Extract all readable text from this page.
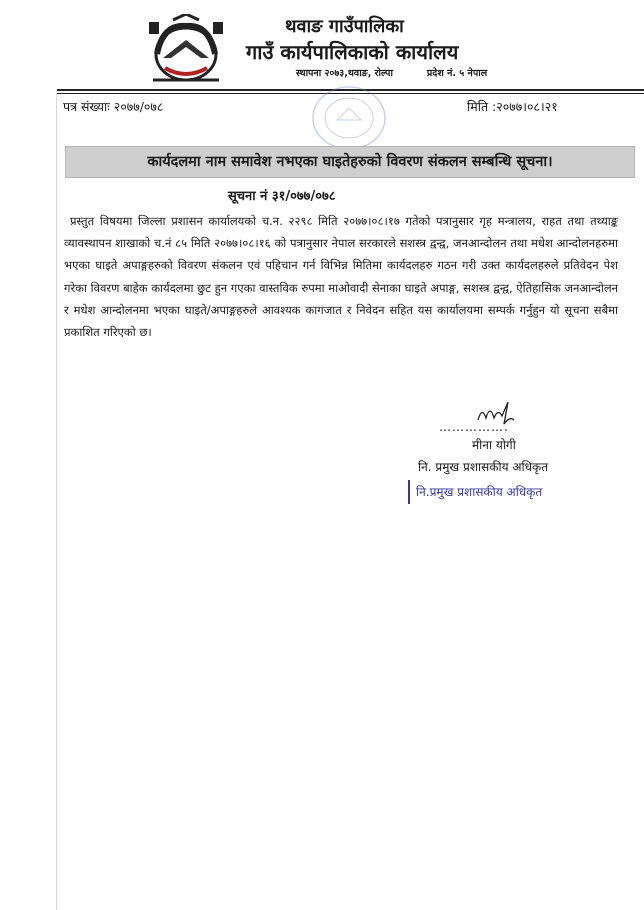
थवाङ गाउँपालिका
गाउँ कार्यपालिकाको कार्यालय
स्थापना २०७३,थवाङ, रोल्पा	प्रदेश नं. ५ नेपाल
पत्र संख्याः २०७७/०७८	मिति :२०७७।०८।२१
कार्यदलमा नाम समावेश नभएका घाइतेहरुको विवरण संकलन सम्बन्धि सूचना।
सूचना नं ३१/०७७/०७८

प्रस्तुत विषयमा जिल्ला प्रशासन कार्यालयको च.न. २२९८ मिति २०७७।०८।१७ गतेको पत्रानुसार गृह मन्त्रालय, राहत तथा तथ्याङ्क व्यावस्थापन शाखाको च.नं ८५ मिति २०७७।०८।१६ को पत्रानुसार नेपाल सरकारले सशस्त्र द्वन्द्व, जनआन्दोलन तथा मधेश आन्दोलनहरुमा भएका घाइते अपाङ्गहरुको विवरण संकलन एवं पहिचान गर्न विभिन्न मितिमा कार्यदलहरु गठन गरी उक्त कार्यदलहरुले प्रतिवेदन पेश गरेका विवरण बाहेक कार्यदलमा छुट हुन गएका वास्तविक रुपमा माओवादी सेनाका घाइते अपाङ्ग, सशस्त्र द्वन्द्व, ऐतिहासिक जनआन्दोलन र मधेश आन्दोलनमा भएका घाइते/अपाङ्गहरुले आवश्यक कागजात र निवेदन सहित यस कार्यालयमा सम्पर्क गर्नुहुन यो सूचना सबैमा प्रकाशित गरिएको छ।

…………….
मीना योगी
नि. प्रमुख प्रशासकीय अधिकृत
नि.प्रमुख प्रशासकीय अधिकृत
